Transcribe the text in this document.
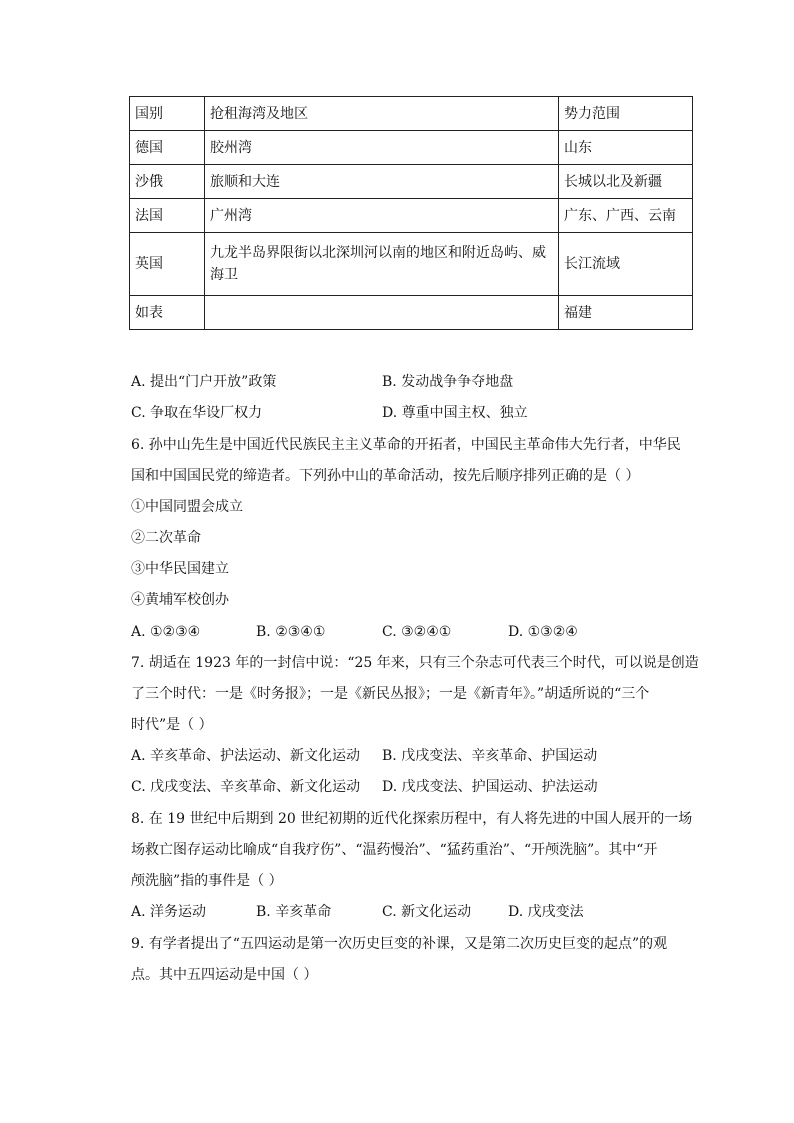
国别	抢租海湾及地区	势力范围
德国	胶州湾	山东
沙俄	旅顺和大连	长城以北及新疆
法国	广州湾	广东、广西、云南
英国	九龙半岛界限街以北深圳河以南的地区和附近岛屿、威海卫	长江流域
如表		福建
A. 提出“门户开放”政策	B. 发动战争争夺地盘
C. 争取在华设厂权力	D. 尊重中国主权、独立
6. 孙中山先生是中国近代民族民主主义革命的开拓者，中国民主革命伟大先行者，中华民
国和中国国民党的缔造者。下列孙中山的革命活动，按先后顺序排列正确的是（ ）
①中国同盟会成立
②二次革命
③中华民国建立
④黄埔军校创办
A. ①②③④	B. ②③④①	C. ③②④①	D. ①③②④
7. 胡适在 1923 年的一封信中说：“25 年来，只有三个杂志可代表三个时代，可以说是创造
了三个时代：一是《时务报》；一是《新民丛报》；一是《新青年》。”胡适所说的“三个
时代”是（ ）
A. 辛亥革命、护法运动、新文化运动 B. 戊戌变法、辛亥革命、护国运动
C. 戊戌变法、辛亥革命、新文化运动 D. 戊戌变法、护国运动、护法运动
8. 在 19 世纪中后期到 20 世纪初期的近代化探索历程中，有人将先进的中国人展开的一场
场救亡图存运动比喻成“自我疗伤”、“温药慢治”、“猛药重治”、“开颅洗脑”。其中“开
颅洗脑”指的事件是（ ）
A. 洋务运动	B. 辛亥革命	C. 新文化运动	D. 戊戌变法
9. 有学者提出了“五四运动是第一次历史巨变的补课，又是第二次历史巨变的起点”的观
点。其中五四运动是中国（ ）
